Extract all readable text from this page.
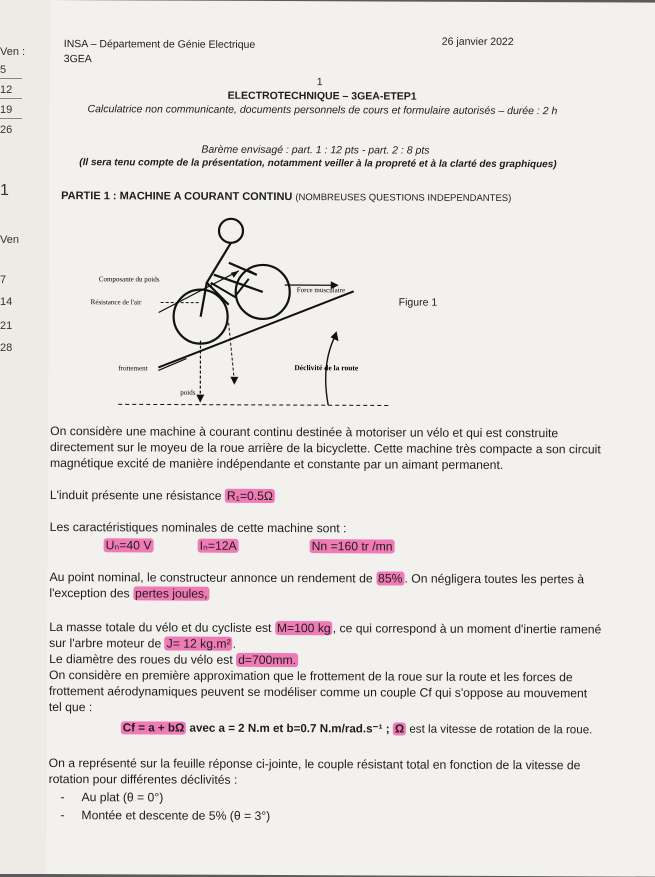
Ven :
5
12
19
26
1
Ven
7
14
21
28
INSA – Département de Génie Electrique
3GEA
26 janvier 2022
1
ELECTROTECHNIQUE – 3GEA-ETEP1
Calculatrice non communicante, documents personnels de cours et formulaire autorisés – durée : 2 h
Barème envisagé : part. 1 : 12 pts - part. 2 : 8 pts
(Il sera tenu compte de la présentation, notamment veiller à la propreté et à la clarté des graphiques)
PARTIE 1 : MACHINE A COURANT CONTINU (NOMBREUSES QUESTIONS INDEPENDANTES)
Composante du poids
Résistance de l'air
Force musculaire
frottement	Déclivité de la route
poids
Figure 1
On considère une machine à courant continu destinée à motoriser un vélo et qui est construite
directement sur le moyeu de la roue arrière de la bicyclette. Cette machine très compacte a son circuit
magnétique excité de manière indépendante et constante par un aimant permanent.
L'induit présente une résistance R₁=0.5Ω
Les caractéristiques nominales de cette machine sont :
Uₙ=40 V	Iₙ=12A	Nn =160 tr /mn
Au point nominal, le constructeur annonce un rendement de 85% . On négligera toutes les pertes à
l'exception des pertes joules,
La masse totale du vélo et du cycliste est M=100 kg , ce qui correspond à un moment d'inertie ramené
sur l'arbre moteur de J= 12 kg.m² .
Le diamètre des roues du vélo est d=700mm.
On considère en première approximation que le frottement de la roue sur la route et les forces de
frottement aérodynamiques peuvent se modéliser comme un couple Cf qui s'oppose au mouvement
tel que :
Cf = a + bΩ avec a = 2 N.m et b=0.7 N.m/rad.s⁻¹ ; Ω est la vitesse de rotation de la roue.
On a représenté sur la feuille réponse ci-jointe, le couple résistant total en fonction de la vitesse de
rotation pour différentes déclivités :
-     Au plat (θ = 0°)
-     Montée et descente de 5% (θ = 3°)
